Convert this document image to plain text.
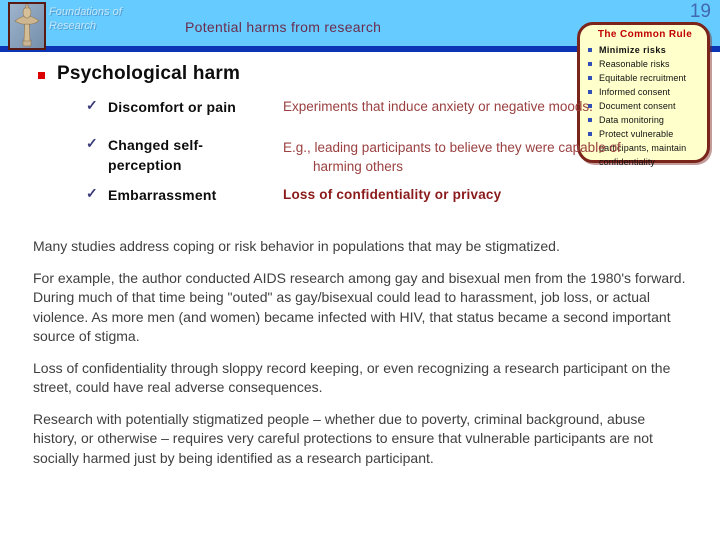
Foundations of
Research	Potential harms from research
19
The Common Rule
Minimize risks
Reasonable risks
Equitable recruitment
Informed consent
Document consent
Data monitoring
Protect vulnerable participants, maintain confidentiality
Psychological harm
✓ Discomfort or pain
✓ Changed self-perception
✓ Embarrassment
Experiments that induce anxiety or negative moods.
E.g., leading participants to believe they were capable of harming others
Loss of confidentiality or privacy

Many studies address coping or risk behavior in populations that may be stigmatized.

For example, the author conducted AIDS research among gay and bisexual men from the 1980's forward. During much of that time being "outed" as gay/bisexual could lead to harassment, job loss, or actual violence. As more men (and women) became infected with HIV, that status became a second important source of stigma.

Loss of confidentiality through sloppy record keeping, or even recognizing a research participant on the street, could have real adverse consequences.

Research with potentially stigmatized people – whether due to poverty, criminal background, abuse history, or otherwise – requires very careful protections to ensure that vulnerable participants are not socially harmed just by being identified as a research participant.
